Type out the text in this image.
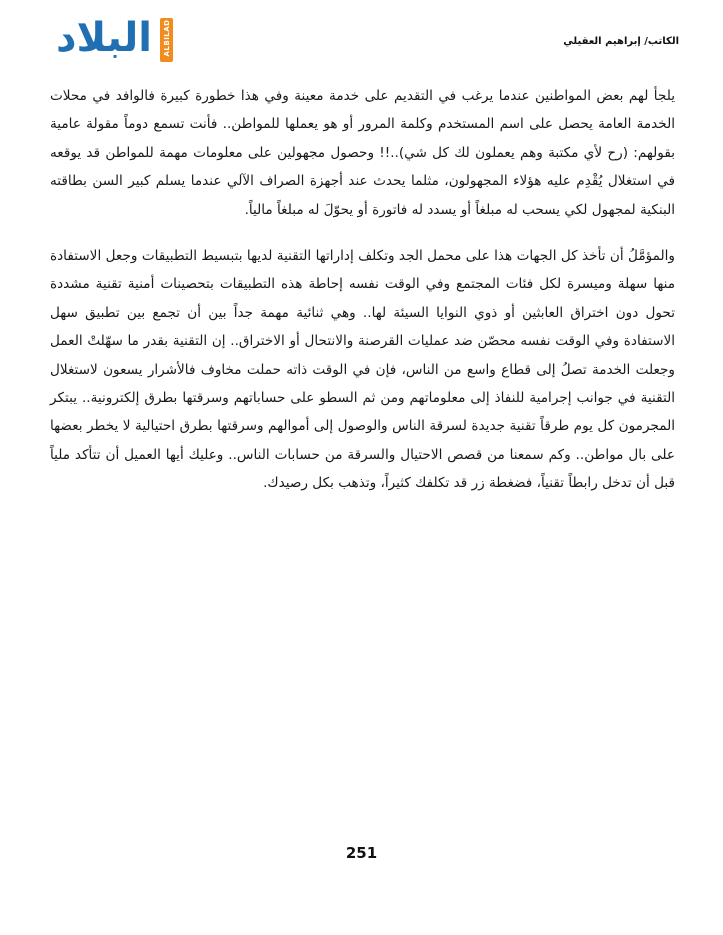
الكاتب/ إبراهيم العقيلي
البلاد	ALBILAD

يلجأ لهم بعض المواطنين عندما يرغب في التقديم على خدمة معينة وفي هذا خطورة كبيرة فالوافد في محلات الخدمة العامة يحصل على اسم المستخدم وكلمة المرور أو هو يعملها للمواطن.. فأنت تسمع دوماً مقولة عامية بقولهم: (رح لأي مكتبة وهم يعملون لك كل شي)..!! وحصول مجهولين على معلومات مهمة للمواطن قد يوقعه في استغلال يُقْدِم عليه هؤلاء المجهولون، مثلما يحدث عند أجهزة الصراف الآلي عندما يسلم كبير السن بطاقته البنكية لمجهول لكي يسحب له مبلغاً أو يسدد له فاتورة أو يحوّلَ له مبلغاً مالياً.

والمؤمَّلُ أن تأخذ كل الجهات هذا على محمل الجد وتكلف إداراتها التقنية لديها بتبسيط التطبيقات وجعل الاستفادة منها سهلة وميسرة لكل فئات المجتمع وفي الوقت نفسه إحاطة هذه التطبيقات بتحصينات أمنية تقنية مشددة تحول دون اختراق العابثين أو ذوي النوايا السيئة لها.. وهي ثنائية مهمة جداً بين أن تجمع بين تطبيق سهل الاستفادة وفي الوقت نفسه محصّن ضد عمليات القرصنة والانتحال أو الاختراق.. إن التقنية بقدر ما سهّلتْ العمل وجعلت الخدمة تصلُ إلى قطاع واسع من الناس، فإن في الوقت ذاته حملت مخاوف فالأشرار يسعون لاستغلال التقنية في جوانب إجرامية للنفاذ إلى معلوماتهم ومن ثم السطو على حساباتهم وسرقتها بطرق إلكترونية.. يبتكر المجرمون كل يوم طرقاً تقنية جديدة لسرقة الناس والوصول إلى أموالهم وسرقتها بطرق احتيالية لا يخطر بعضها على بال مواطن.. وكم سمعنا من قصص الاحتيال والسرقة من حسابات الناس.. وعليك أيها العميل أن تتأكد ملياً قبل أن تدخل رابطاً تقنياً، فضغطة زر قد تكلفك كثيراً، وتذهب بكل رصيدك.

251
